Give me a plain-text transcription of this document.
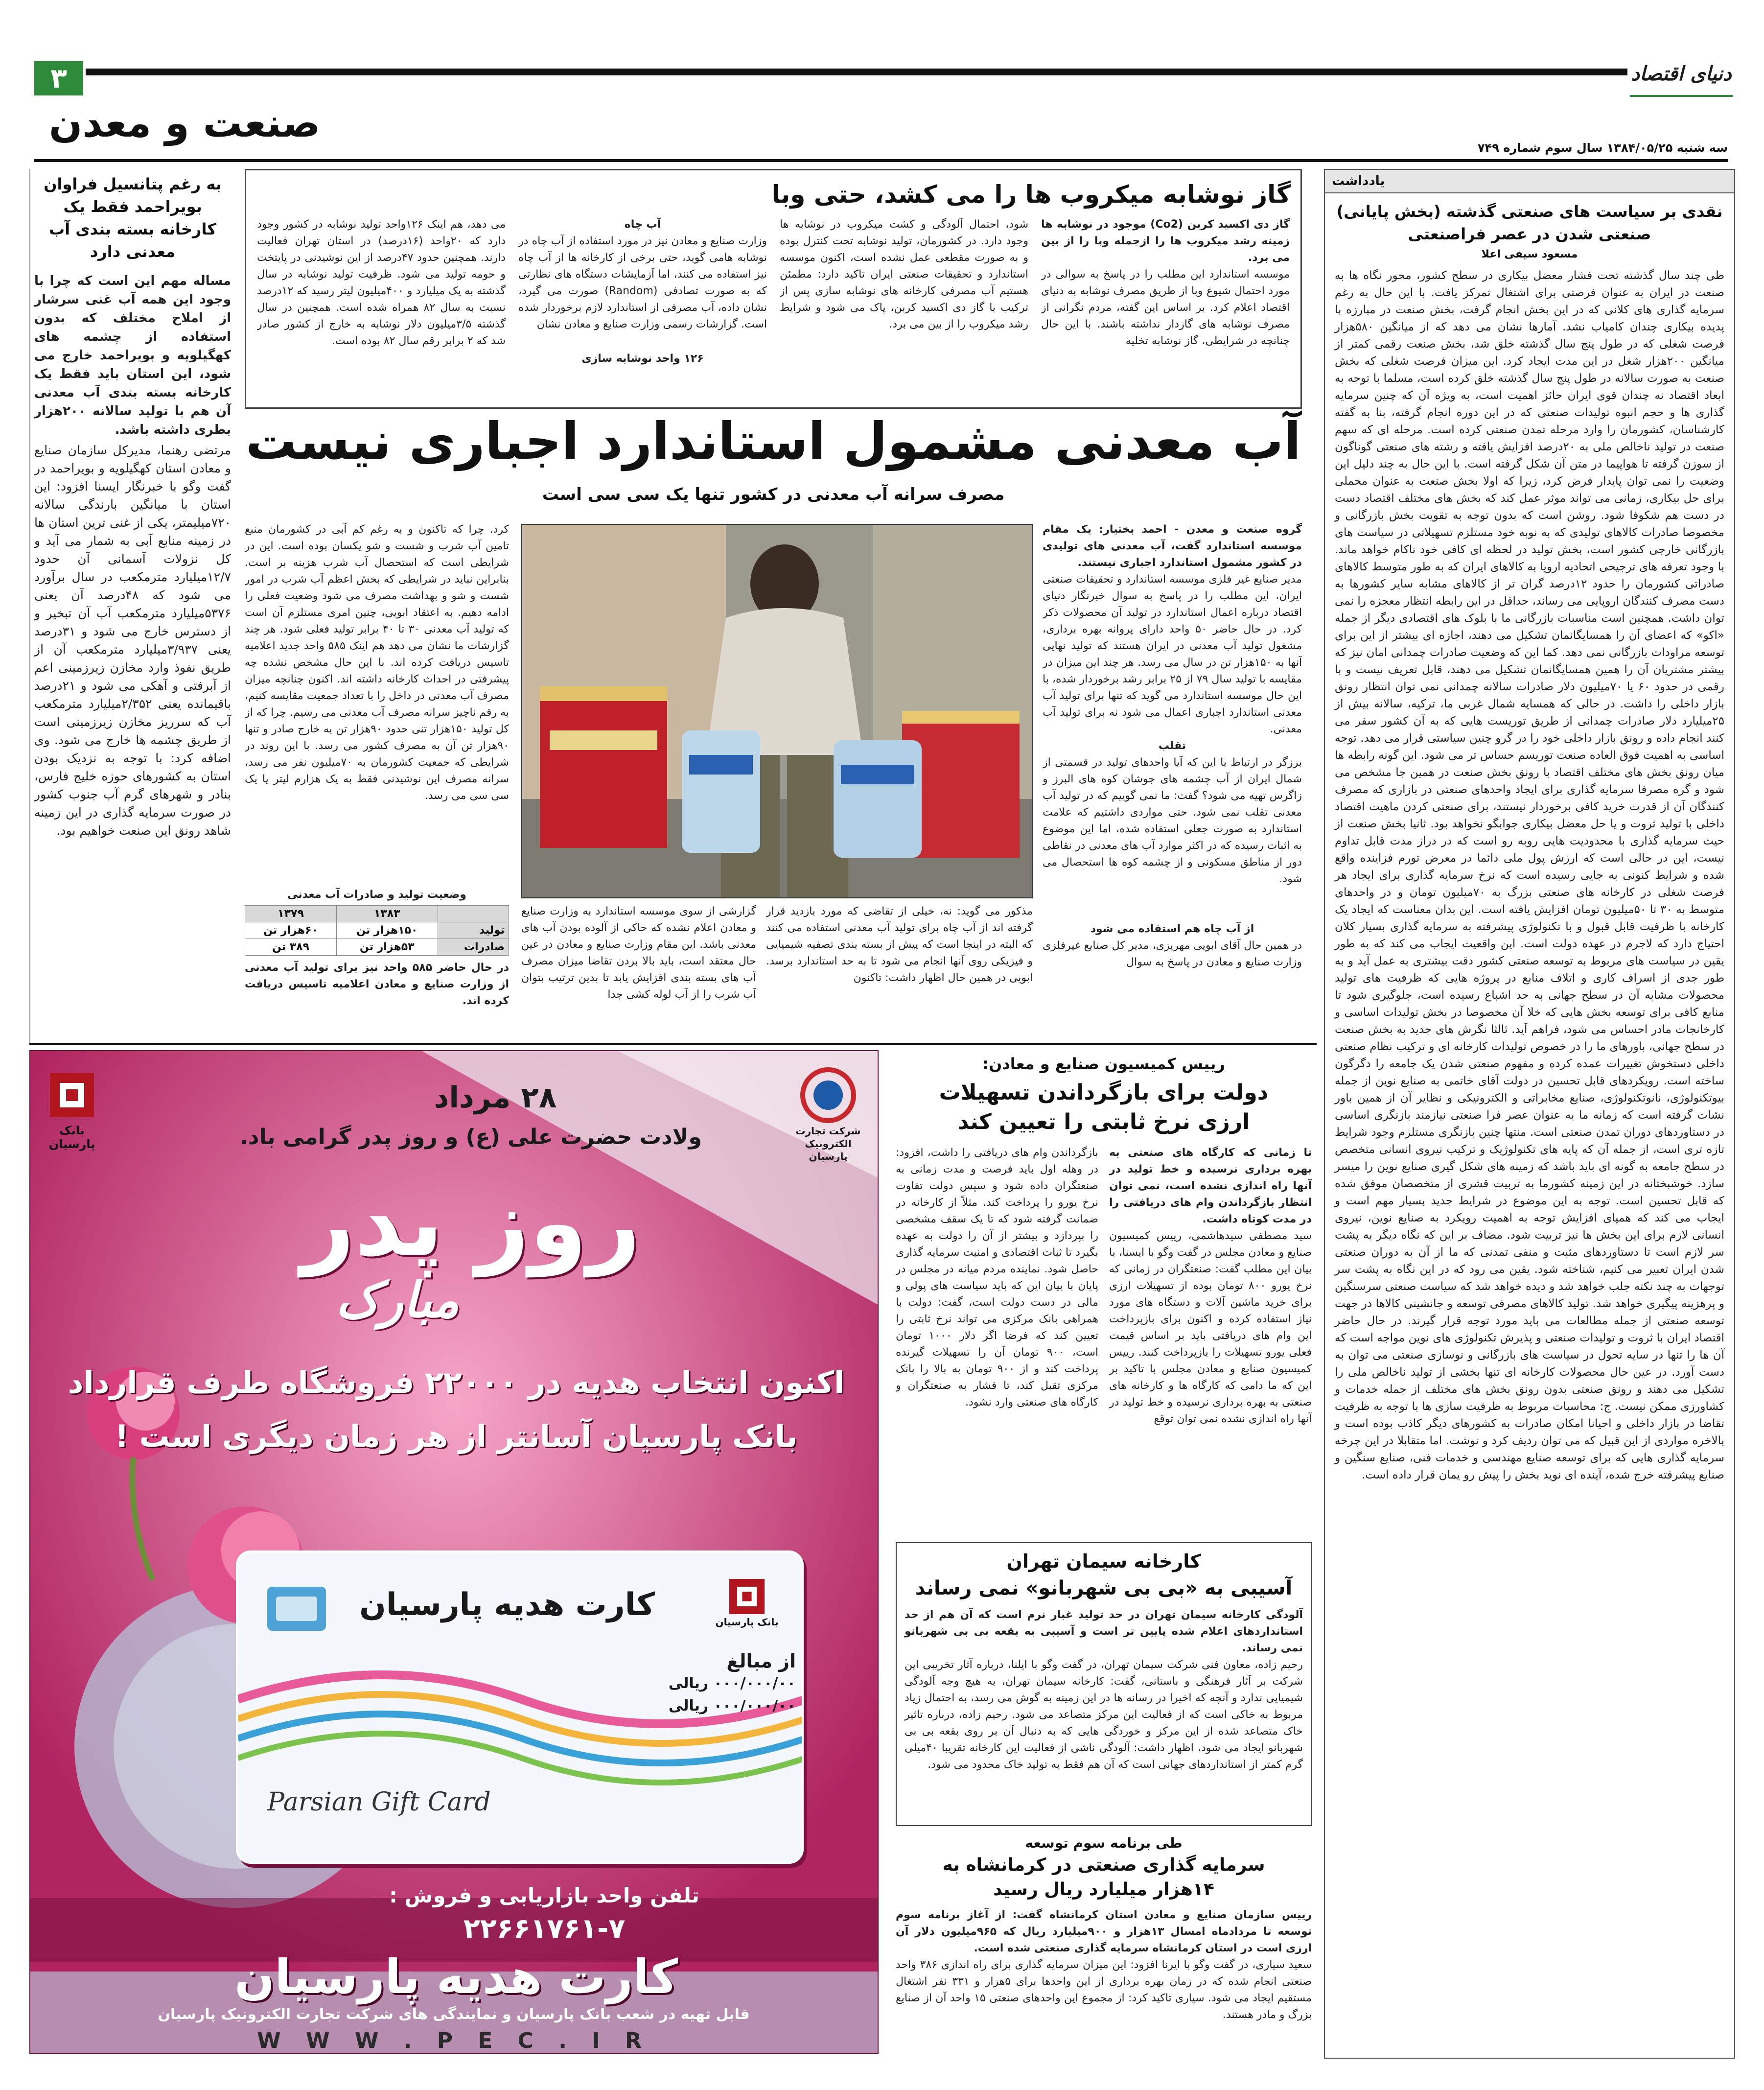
۳	دنیای اقتصاد
صنعت و معدن
سه شنبه ۱۳۸۴/۰۵/۲۵ سال سوم شماره ۷۴۹
به رغم پتانسیل فراوان بویراحمد فقط یک کارخانه بسته بندی آب معدنی دارد
مساله مهم این است که چرا با وجود این همه آب غنی سرشار از املاح مختلف که بدون استفاده از چشمه های کهگیلویه و بویراحمد خارج می شود، این استان باید فقط یک کارخانه بسته بندی آب معدنی آن هم با تولید سالانه ۲۰۰هزار بطری داشته باشد.
مرتضی رهنما، مدیرکل سازمان صنایع و معادن استان کهگیلویه و بویراحمد در گفت وگو با خبرنگار ایسنا افزود: این استان با میانگین بارندگی سالانه ۷۲۰میلیمتر، یکی از غنی ترین استان ها در زمینه منابع آبی به شمار می آید و کل نزولات آسمانی آن حدود ۱۲/۷میلیارد مترمکعب در سال برآورد می شود که ۴۸درصد آن یعنی ۵۳۷۶میلیارد مترمکعب آب آن تبخیر و از دسترس خارج می شود و ۳۱درصد یعنی ۳/۹۳۷میلیارد مترمکعب آن از طریق نفوذ وارد مخازن زیرزمینی اعم از آبرفتی و آهکی می شود و ۲۱درصد باقیمانده یعنی ۲/۳۵۲میلیارد مترمکعب آب که سرریز مخازن زیرزمینی است از طریق چشمه ها خارج می شود. وی اضافه کرد: با توجه به نزدیک بودن استان به کشورهای حوزه خلیج فارس، بنادر و شهرهای گرم آب جنوب کشور در صورت سرمایه گذاری در این زمینه شاهد رونق این صنعت خواهیم بود.
گاز نوشابه میکروب ها را می کشد، حتی وبا
گاز دی اکسید کربن (Co2) موجود در نوشابه ها زمینه رشد میکروب ها را ازجمله وبا را از بین می برد.
موسسه استاندارد این مطلب را در پاسخ به سوالی در مورد احتمال شیوع وبا از طریق مصرف نوشابه به دنیای اقتصاد اعلام کرد. بر اساس این گفته، مردم نگرانی از مصرف نوشابه های گازدار نداشته باشند. با این حال چنانچه در شرایطی، گاز نوشابه تخلیه
شود، احتمال آلودگی و کشت میکروب در نوشابه ها وجود دارد. در کشورمان، تولید نوشابه تحت کنترل بوده و به صورت مقطعی عمل نشده است، اکنون موسسه استاندارد و تحقیقات صنعتی ایران تاکید دارد: مطمئن هستیم آب مصرفی کارخانه های نوشابه سازی پس از ترکیب با گاز دی اکسید کربن، پاک می شود و شرایط رشد میکروب را از بین می برد.
آب چاه
وزارت صنایع و معادن نیز در مورد استفاده از آب چاه در نوشابه هامی گوید، حتی برخی از کارخانه ها از آب چاه نیز استفاده می کنند، اما آزمایشات دستگاه های نظارتی که به صورت تصادفی (Random) صورت می گیرد، نشان داده، آب مصرفی از استاندارد لازم برخوردار شده است. گزارشات رسمی وزارت صنایع و معادن نشان
۱۲۶ واحد نوشابه سازی
می دهد، هم اینک ۱۲۶واحد تولید نوشابه در کشور وجود دارد که ۲۰واحد (۱۶درصد) در استان تهران فعالیت دارند. همچنین حدود ۴۷درصد از این نوشیدنی در پایتخت و حومه تولید می شود. ظرفیت تولید نوشابه در سال گذشته به یک میلیارد و ۴۰۰میلیون لیتر رسید که ۱۲درصد نسبت به سال ۸۲ همراه شده است. همچنین در سال گذشته ۳/۵میلیون دلار نوشابه به خارج از کشور صادر شد که ۲ برابر رقم سال ۸۲ بوده است.
آب معدنی مشمول استاندارد اجباری نیست
مصرف سرانه آب معدنی در کشور تنها یک سی سی است
گروه صنعت و معدن - احمد بختیار: یک مقام موسسه استاندارد گفت، آب معدنی های تولیدی در کشور مشمول استاندارد اجباری نیستند.
مدیر صنایع غیر فلزی موسسه استاندارد و تحقیقات صنعتی ایران، این مطلب را در پاسخ به سوال خبرنگار دنیای اقتصاد درباره اعمال استاندارد در تولید آن محصولات ذکر کرد. در حال حاضر ۵۰ واحد دارای پروانه بهره برداری، مشغول تولید آب معدنی در ایران هستند که تولید نهایی آنها به ۱۵۰هزار تن در سال می رسد. هر چند این میزان در مقایسه با تولید سال ۷۹ از ۲۵ برابر رشد برخوردار شده، با این حال موسسه استاندارد می گوید که تنها برای تولید آب معدنی استاندارد اجباری اعمال می شود نه برای تولید آب معدنی.
تقلب
برزگر در ارتباط با این که آیا واحدهای تولید در قسمتی از شمال ایران از آب چشمه های جوشان کوه های البرز و زاگرس تهیه می شود؟ گفت: ما نمی گوییم که در تولید آب معدنی تقلب نمی شود. حتی مواردی داشتیم که علامت استاندارد به صورت جعلی استفاده شده، اما این موضوع به اثبات رسیده که در اکثر موارد آب های معدنی در نقاطی دور از مناطق مسکونی و از چشمه کوه ها استحصال می شود.
از آب چاه هم استفاده می شود
در همین حال آقای ابویی مهریزی، مدیر کل صنایع غیرفلزی وزارت صنایع و معادن در پاسخ به سوال
مذکور می گوید: نه، خیلی از تقاضی که مورد بازدید قرار گرفته اند از آب چاه برای تولید آب معدنی استفاده می کنند که البته در اینجا است که پیش از بسته بندی تصفیه شیمیایی و فیزیکی روی آنها انجام می شود تا به حد استاندارد برسد. ابویی در همین حال اظهار داشت: تاکنون
گزارشی از سوی موسسه استاندارد به وزارت صنایع و معادن اعلام نشده که حاکی از آلوده بودن آب های معدنی باشد. این مقام وزارت صنایع و معادن در عین حال معتقد است، باید بالا بردن تقاضا میزان مصرف آب های بسته بندی افزایش یابد تا بدین ترتیب بتوان آب شرب را از آب لوله کشی جدا
کرد. چرا که تاکنون و به رغم کم آبی در کشورمان منبع تامین آب شرب و شست و شو یکسان بوده است. این در شرایطی است که استحصال آب شرب هزینه بر است. بنابراین نباید در شرایطی که بخش اعظم آب شرب در امور شست و شو و بهداشت مصرف می شود وضعیت فعلی را ادامه دهیم. به اعتقاد ابویی، چنین امری مستلزم آن است که تولید آب معدنی ۳۰ تا ۴۰ برابر تولید فعلی شود. هر چند گزارشات ما نشان می دهد هم اینک ۵۸۵ واحد جدید اعلامیه تاسیس دریافت کرده اند. با این حال مشخص نشده چه پیشرفتی در احداث کارخانه داشته اند. اکنون چنانچه میزان مصرف آب معدنی در داخل را با تعداد جمعیت مقایسه کنیم، به رقم ناچیز سرانه مصرف آب معدنی می رسیم. چرا که از کل تولید ۱۵۰هزار تنی حدود ۹۰هزار تن به خارج صادر و تنها ۹۰هزار تن آن به مصرف کشور می رسد. با این روند در شرایطی که جمعیت کشورمان به ۷۰میلیون نفر می رسد، سرانه مصرف این نوشیدنی فقط به یک هزارم لیتر یا یک سی سی می رسد.
وضعیت تولید و صادرات آب معدنی
	۱۳۸۳	۱۳۷۹
تولید	۱۵۰هزار تن	۶۰هزار تن
صادرات	۵۳هزار تن	۳۸۹ تن
در حال حاضر ۵۸۵ واحد نیز برای تولید آب معدنی از وزارت صنایع و معادن اعلامیه تاسیس دریافت کرده اند.
شرکت تجارت الکترونیک پارسیان
بانک پارسیان
۲۸ مرداد
ولادت حضرت علی (ع) و روز پدر گرامی باد.
روز پدر
مبارک
اکنون انتخاب هدیه در ۲۲۰۰۰ فروشگاه طرف قرارداد
بانک پارسیان آسانتر از هر زمان دیگری است !
کارت هدیه پارسیان	بانک پارسیان
از مبالغ
۰۰۰/۰۰۰/۰۰ ریالی
۰۰۰/۰۰۰/۰۰ ریالی
Parsian Gift Card
تلفن واحد بازاریابی و فروش :
۲۲۶۶۱۷۶۱-۷
کارت هدیه پارسیان
قابل تهیه در شعب بانک پارسیان و نمایندگی های شرکت تجارت الکترونیک پارسیان
W W W . P E C . I R
رییس کمیسیون صنایع و معادن:
دولت برای بازگرداندن تسهیلات ارزی نرخ ثابتی را تعیین کند
تا زمانی که کارگاه های صنعتی به بهره برداری نرسیده و خط تولید در آنها راه اندازی نشده است، نمی توان انتظار بازگرداندن وام های دریافتی را در مدت کوتاه داشت.
سید مصطفی سیدهاشمی، رییس کمیسیون صنایع و معادن مجلس در گفت وگو با ایسنا، با بیان این مطلب گفت: صنعتگران در زمانی که نرخ یورو ۸۰۰ تومان بوده از تسهیلات ارزی برای خرید ماشین آلات و دستگاه های مورد نیاز استفاده کرده و اکنون برای بازپرداخت این وام های دریافتی باید بر اساس قیمت فعلی یورو تسهیلات را بازپرداخت کنند. رییس کمیسیون صنایع و معادن مجلس با تاکید بر این که ما دامی که کارگاه ها و کارخانه های صنعتی به بهره برداری نرسیده و خط تولید در آنها راه اندازی نشده نمی توان توقع
بازگرداندن وام های دریافتی را داشت، افزود: در وهله اول باید فرصت و مدت زمانی به صنعتگران داده شود و سپس دولت تفاوت نرخ یورو را پرداخت کند. مثلاً از کارخانه در ضمانت گرفته شود که تا یک سقف مشخصی را بپردازد و بیشتر از آن را دولت به عهده بگیرد تا ثبات اقتصادی و امنیت سرمایه گذاری حاصل شود. نماینده مردم میانه در مجلس در پایان با بیان این که باید سیاست های پولی و مالی در دست دولت است، گفت: دولت با همراهی بانک مرکزی می تواند نرخ ثابتی را تعیین کند که فرضا اگر دلار ۱۰۰۰ تومان است، ۹۰۰ تومان آن را تسهیلات گیرنده پرداخت کند و از ۹۰۰ تومان به بالا را بانک مرکزی تقبل کند، تا فشار به صنعتگران و کارگاه های صنعتی وارد نشود.
کارخانه سیمان تهران
آسیبی به «بی بی شهربانو» نمی رساند
آلودگی کارخانه سیمان تهران در حد تولید غبار نرم است که آن هم از حد استانداردهای اعلام شده پایین تر است و آسیبی به بقعه بی بی شهربانو نمی رساند.
رحیم زاده، معاون فنی شرکت سیمان تهران، در گفت وگو با ایلنا، درباره آثار تخریبی این شرکت بر آثار فرهنگی و باستانی، گفت: کارخانه سیمان تهران، به هیچ وجه آلودگی شیمیایی ندارد و آنچه که اخیرا در رسانه ها در این زمینه به گوش می رسد، به احتمال زیاد مربوط به خاکی است که از فعالیت این مرکز متصاعد می شود. رحیم زاده، درباره تاثیر خاک متصاعد شده از این مرکز و خوردگی هایی که به دنبال آن بر روی بقعه بی بی شهربانو ایجاد می شود، اظهار داشت: آلودگی ناشی از فعالیت این کارخانه تقریبا ۴۰میلی گرم کمتر از استانداردهای جهانی است که آن هم فقط به تولید خاک محدود می شود.
طی برنامه سوم توسعه
سرمایه گذاری صنعتی در کرمانشاه به ۱۴هزار میلیارد ریال رسید
رییس سازمان صنایع و معادن استان کرمانشاه گفت: از آغاز برنامه سوم توسعه تا مردادماه امسال ۱۳هزار و ۹۰۰میلیارد ریال که ۹۶۵میلیون دلار آن ارزی است در استان کرمانشاه سرمایه گذاری صنعتی شده است.
سعید سیاری، در گفت وگو با ایرنا افزود: این میزان سرمایه گذاری برای راه اندازی ۳۸۶ واحد صنعتی انجام شده که در زمان بهره برداری از این واحدها برای ۵هزار و ۳۳۱ نفر اشتغال مستقیم ایجاد می شود. سیاری تاکید کرد: از مجموع این واحدهای صنعتی ۱۵ واحد آن از صنایع بزرگ و مادر هستند.
یادداشت
نقدی بر سیاست های صنعتی گذشته (بخش پایانی) صنعتی شدن در عصر فراصنعتی
مسعود سیفی اعلا
طی چند سال گذشته تحت فشار معضل بیکاری در سطح کشور، محور نگاه ها به صنعت در ایران به عنوان فرصتی برای اشتغال تمرکز یافت. با این حال به رغم سرمایه گذاری های کلانی که در این بخش انجام گرفت، بخش صنعت در مبارزه با پدیده بیکاری چندان کامیاب نشد. آمارها نشان می دهد که از میانگین ۵۸۰هزار فرصت شغلی که در طول پنج سال گذشته خلق شد، بخش صنعت رقمی کمتر از میانگین ۲۰۰هزار شغل در این مدت ایجاد کرد. این میزان فرصت شغلی که بخش صنعت به صورت سالانه در طول پنج سال گذشته خلق کرده است، مسلما با توجه به ابعاد اقتصاد نه چندان قوی ایران حائز اهمیت است، به ویژه آن که چنین سرمایه گذاری ها و حجم انبوه تولیدات صنعتی که در این دوره انجام گرفته، بنا به گفته کارشناسان، کشورمان را وارد مرحله تمدن صنعتی کرده است. مرحله ای که سهم صنعت در تولید ناخالص ملی به ۲۰درصد افزایش یافته و رشته های صنعتی گوناگون از سوزن گرفته تا هواپیما در متن آن شکل گرفته است. با این حال به چند دلیل این وضعیت را نمی توان پایدار فرض کرد، زیرا که اولا بخش صنعت به عنوان محملی برای حل بیکاری، زمانی می تواند موثر عمل کند که بخش های مختلف اقتصاد دست در دست هم شکوفا شود. روشن است که بدون توجه به تقویت بخش بازرگانی و مخصوصا صادرات کالاهای تولیدی که به نوبه خود مستلزم تسهیلاتی در سیاست های بازرگانی خارجی کشور است، بخش تولید در لحظه ای کافی خود ناکام خواهد ماند. با وجود تعرفه های ترجیحی اتحادیه اروپا به کالاهای ایران که به طور متوسط کالاهای صادراتی کشورمان را حدود ۱۲درصد گران تر از کالاهای مشابه سایر کشورها به دست مصرف کنندگان اروپایی می رساند، حداقل در این رابطه انتظار معجزه را نمی توان داشت. همچنین است مناسبات بازرگانی ما با بلوک های اقتصادی دیگر از جمله «اکو» که اعضای آن را همسایگانمان تشکیل می دهند، اجازه ای بیشتر از این برای توسعه مراودات بازرگانی نمی دهد. کما این که وضعیت صادرات چمدانی امان نیز که بیشتر مشتریان آن را همین همسایگانمان تشکیل می دهند، قابل تعریف نیست و با رقمی در حدود ۶۰ یا ۷۰میلیون دلار صادرات سالانه چمدانی نمی توان انتظار رونق بازار داخلی را داشت. در حالی که همسایه شمال غربی ما، ترکیه، سالانه بیش از ۲۵میلیارد دلار صادرات چمدانی از طریق توریست هایی که به آن کشور سفر می کنند انجام داده و رونق بازار داخلی خود را در گرو چنین سیاستی قرار می دهد. توجه اساسی به اهمیت فوق العاده صنعت توریسم حساس تر می شود. این گونه رابطه ها میان رونق بخش های مختلف اقتصاد با رونق بخش صنعت در همین جا مشخص می شود و گره مصرفا سرمایه گذاری برای ایجاد واحدهای صنعتی در بازاری که مصرف کنندگان آن از قدرت خرید کافی برخوردار نیستند، برای صنعتی کردن ماهیت اقتصاد داخلی با تولید ثروت و یا حل معضل بیکاری جوابگو نخواهد بود. ثانیا بخش صنعت از حیث سرمایه گذاری با محدودیت هایی روبه رو است که در دراز مدت قابل تداوم نیست، این در حالی است که ارزش پول ملی دائما در معرض تورم فزاینده واقع شده و شرایط کنونی به جایی رسیده است که نرخ سرمایه گذاری برای ایجاد هر فرصت شغلی در کارخانه های صنعتی بزرگ به ۷۰میلیون تومان و در واحدهای متوسط به ۳۰ تا ۵۰میلیون تومان افزایش یافته است. این بدان معناست که ایجاد یک کارخانه با ظرفیت قابل قبول و با تکنولوژی پیشرفته به سرمایه گذاری بسیار کلان احتیاج دارد که لاجرم در عهده دولت است. این واقعیت ایجاب می کند که به طور یقین در سیاست های مربوط به توسعه صنعتی کشور دقت بیشتری به عمل آید و به طور جدی از اسراف کاری و اتلاف منابع در پروژه هایی که ظرفیت های تولید محصولات مشابه آن در سطح جهانی به حد اشباع رسیده است، جلوگیری شود تا منابع کافی برای توسعه بخش هایی که خلا آن مخصوصا در بخش تولیدات اساسی و کارخانجات مادر احساس می شود، فراهم آید. ثالثا نگرش های جدید به بخش صنعت در سطح جهانی، باورهای ما را در خصوص تولیدات کارخانه ای و ترکیب نظام صنعتی داخلی دستخوش تغییرات عمده کرده و مفهوم صنعتی شدن یک جامعه را دگرگون ساخته است. رویکردهای قابل تحسین در دولت آقای خاتمی به صنایع نوین از جمله بیوتکنولوژی، نانوتکنولوژی، صنایع مخابراتی و الکترونیکی و نظایر آن از همین باور نشات گرفته است که زمانه ما به عنوان عصر فرا صنعتی نیازمند بازنگری اساسی در دستاوردهای دوران تمدن صنعتی است. منتها چنین بازنگری مستلزم وجود شرایط تازه تری است، از جمله آن که پایه های تکنولوژیک و ترکیب نیروی انسانی متخصص در سطح جامعه به گونه ای باید باشد که زمینه های شکل گیری صنایع نوین را میسر سازد. خوشبختانه در این زمینه کشورما به تربیت قشری از متخصصان موفق شده که قابل تحسین است. توجه به این موضوع در شرایط جدید بسیار مهم است و ایجاب می کند که همپای افزایش توجه به اهمیت رویکرد به صنایع نوین، نیروی انسانی لازم برای این بخش ها نیز تربیت شود. مضاف بر این که نگاه دیگر به پشت سر لازم است تا دستاوردهای مثبت و منفی تمدنی که ما از آن به دوران صنعتی شدن ایران تعبیر می کنیم، شناخته شود. یقین می رود که در این نگاه به پشت سر توجهات به چند نکته جلب خواهد شد و دیده خواهد شد که سیاست صنعتی سرسنگین و پرهزینه پیگیری خواهد شد. تولید کالاهای مصرفی توسعه و جانشینی کالاها در جهت توسعه صنعتی از جمله مطالعات می باید مورد توجه قرار گیرند. در حال حاضر اقتصاد ایران با ثروت و تولیدات صنعتی و پذیرش تکنولوژی های نوین مواجه است که آن ها را تنها در سایه تحول در سیاست های بازرگانی و نوسازی صنعتی می توان به دست آورد. در عین حال محصولات کارخانه ای تنها بخشی از تولید ناخالص ملی را تشکیل می دهند و رونق صنعتی بدون رونق بخش های مختلف از جمله خدمات و کشاورزی ممکن نیست. ج: محاسبات مربوط به ظرفیت سازی ها با توجه به ظرفیت تقاضا در بازار داخلی و احیانا امکان صادرات به کشورهای دیگر کاذب بوده است و بالاخره مواردی از این قبیل که می توان ردیف کرد و نوشت. اما متقابلا در این چرخه سرمایه گذاری هایی که برای توسعه صنایع مهندسی و خدمات فنی، صنایع سنگین و صنایع پیشرفته خرج شده، آینده ای نوید بخش را پیش رو یمان قرار داده است.
